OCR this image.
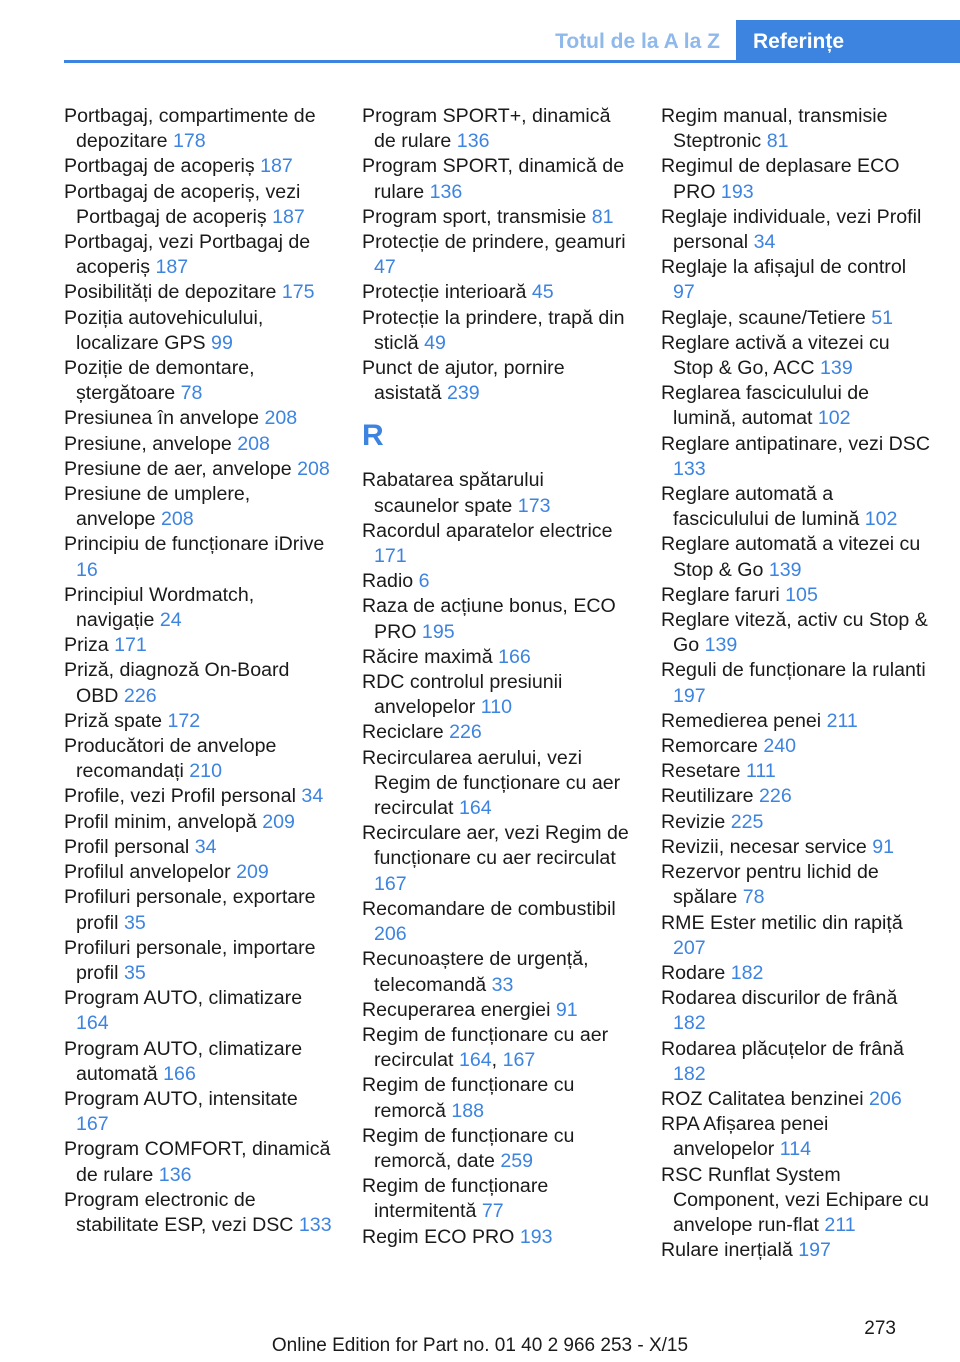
Totul de la A la Z	Referințe
Portbagaj, compartimente de depozitare 178
Portbagaj de acoperiș 187
Portbagaj de acoperiș, vezi Portbagaj de acoperiș 187
Portbagaj, vezi Portbagaj de acoperiș 187
Posibilități de depozitare 175
Poziția autovehiculului, localizare GPS 99
Poziție de demontare, ștergătoare 78
Presiunea în anvelope 208
Presiune, anvelope 208
Presiune de aer, anvelope 208
Presiune de umplere, anvelope 208
Principiu de funcționare iDrive 16
Principiul Wordmatch, navigație 24
Priza 171
Priză, diagnoză On-Board OBD 226
Priză spate 172
Producători de anvelope recomandați 210
Profile, vezi Profil personal 34
Profil minim, anvelopă 209
Profil personal 34
Profilul anvelopelor 209
Profiluri personale, exportare profil 35
Profiluri personale, importare profil 35
Program AUTO, climatizare 164
Program AUTO, climatizare automată 166
Program AUTO, intensitate 167
Program COMFORT, dinamică de rulare 136
Program electronic de stabilitate ESP, vezi DSC 133
Program SPORT+, dinamică de rulare 136
Program SPORT, dinamică de rulare 136
Program sport, transmisie 81
Protecție de prindere, geamuri 47
Protecție interioară 45
Protecție la prindere, trapă din sticlă 49
Punct de ajutor, pornire asistată 239
R
Rabatarea spătarului scaunelor spate 173
Racordul aparatelor electrice 171
Radio 6
Raza de acțiune bonus, ECO PRO 195
Răcire maximă 166
RDC controlul presiunii anvelopelor 110
Reciclare 226
Recircularea aerului, vezi Regim de funcționare cu aer recirculat 164
Recirculare aer, vezi Regim de funcționare cu aer recirculat 167
Recomandare de combustibil 206
Recunoaștere de urgență, telecomandă 33
Recuperarea energiei 91
Regim de funcționare cu aer recirculat 164, 167
Regim de funcționare cu remorcă 188
Regim de funcționare cu remorcă, date 259
Regim de funcționare intermitentă 77
Regim ECO PRO 193
Regim manual, transmisie Steptronic 81
Regimul de deplasare ECO PRO 193
Reglaje individuale, vezi Profil personal 34
Reglaje la afișajul de control 97
Reglaje, scaune/Tetiere 51
Reglare activă a vitezei cu Stop & Go, ACC 139
Reglarea fasciculului de lumină, automat 102
Reglare antipatinare, vezi DSC 133
Reglare automată a fasciculului de lumină 102
Reglare automată a vitezei cu Stop & Go 139
Reglare faruri 105
Reglare viteză, activ cu Stop & Go 139
Reguli de funcționare la rulanti 197
Remedierea penei 211
Remorcare 240
Resetare 111
Reutilizare 226
Revizie 225
Revizii, necesar service 91
Rezervor pentru lichid de spălare 78
RME Ester metilic din rapiță 207
Rodare 182
Rodarea discurilor de frână 182
Rodarea plăcuțelor de frână 182
ROZ Calitatea benzinei 206
RPA Afișarea penei anvelopelor 114
RSC Runflat System Component, vezi Echipare cu anvelope run-flat 211
Rulare inerțială 197
273
Online Edition for Part no. 01 40 2 966 253 - X/15
